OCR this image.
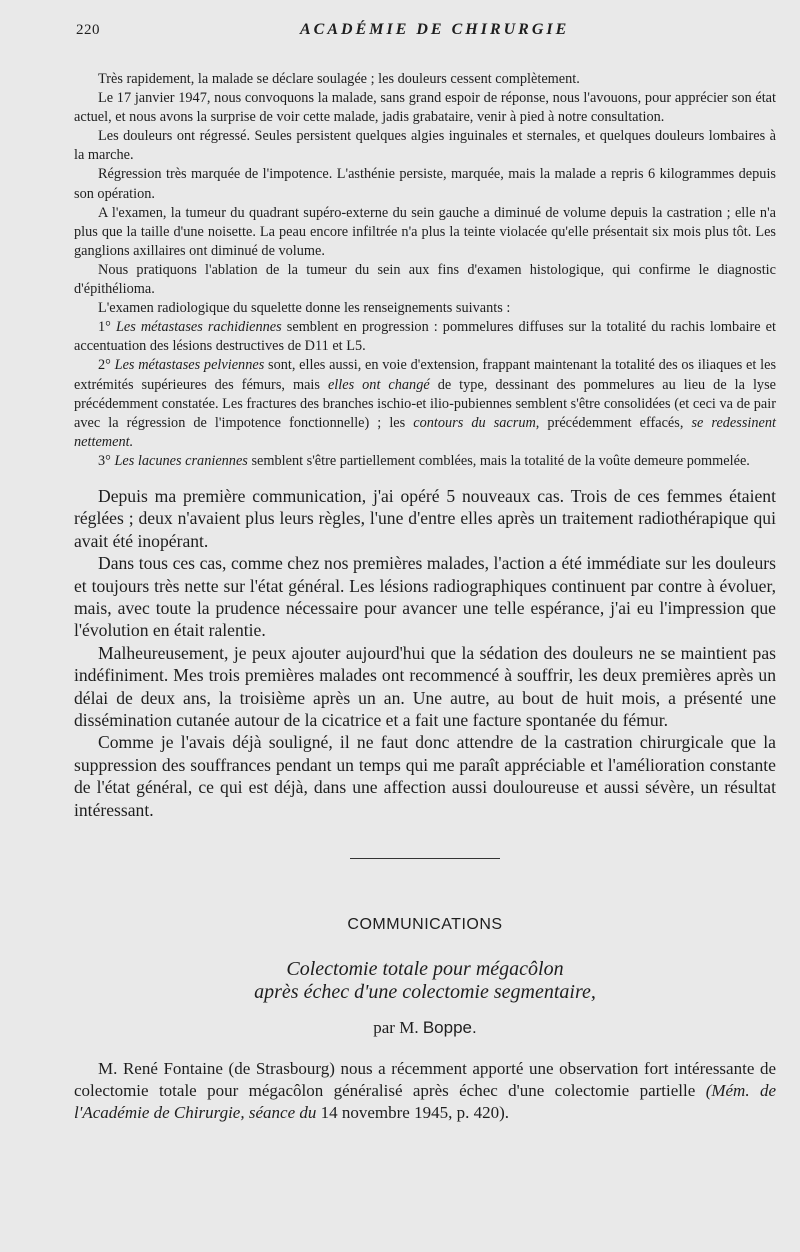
220	ACADÉMIE DE CHIRURGIE

Très rapidement, la malade se déclare soulagée ; les douleurs cessent complètement.

Le 17 janvier 1947, nous convoquons la malade, sans grand espoir de réponse, nous l'avouons, pour apprécier son état actuel, et nous avons la surprise de voir cette malade, jadis grabataire, venir à pied à notre consultation.

Les douleurs ont régressé. Seules persistent quelques algies inguinales et sternales, et quelques douleurs lombaires à la marche.

Régression très marquée de l'impotence. L'asthénie persiste, marquée, mais la malade a repris 6 kilogrammes depuis son opération.

A l'examen, la tumeur du quadrant supéro-externe du sein gauche a diminué de volume depuis la castration ; elle n'a plus que la taille d'une noisette. La peau encore infiltrée n'a plus la teinte violacée qu'elle présentait six mois plus tôt. Les ganglions axillaires ont diminué de volume.

Nous pratiquons l'ablation de la tumeur du sein aux fins d'examen histologique, qui confirme le diagnostic d'épithélioma.

L'examen radiologique du squelette donne les renseignements suivants :

1° Les métastases rachidiennes semblent en progression : pommelures diffuses sur la totalité du rachis lombaire et accentuation des lésions destructives de D11 et L5.

2° Les métastases pelviennes sont, elles aussi, en voie d'extension, frappant maintenant la totalité des os iliaques et les extrémités supérieures des fémurs, mais elles ont changé de type, dessinant des pommelures au lieu de la lyse précédemment constatée. Les fractures des branches ischio-et ilio-pubiennes semblent s'être consolidées (et ceci va de pair avec la régression de l'impotence fonctionnelle) ; les contours du sacrum, précédemment effacés, se redessinent nettement.

3° Les lacunes craniennes semblent s'être partiellement comblées, mais la totalité de la voûte demeure pommelée.

Depuis ma première communication, j'ai opéré 5 nouveaux cas. Trois de ces femmes étaient réglées ; deux n'avaient plus leurs règles, l'une d'entre elles après un traitement radiothérapique qui avait été inopérant.

Dans tous ces cas, comme chez nos premières malades, l'action a été immédiate sur les douleurs et toujours très nette sur l'état général. Les lésions radiographiques continuent par contre à évoluer, mais, avec toute la prudence nécessaire pour avancer une telle espérance, j'ai eu l'impression que l'évolution en était ralentie.

Malheureusement, je peux ajouter aujourd'hui que la sédation des douleurs ne se maintient pas indéfiniment. Mes trois premières malades ont recommencé à souffrir, les deux premières après un délai de deux ans, la troisième après un an. Une autre, au bout de huit mois, a présenté une dissémination cutanée autour de la cicatrice et a fait une facture spontanée du fémur.

Comme je l'avais déjà souligné, il ne faut donc attendre de la castration chirurgicale que la suppression des souffrances pendant un temps qui me paraît appréciable et l'amélioration constante de l'état général, ce qui est déjà, dans une affection aussi douloureuse et aussi sévère, un résultat intéressant.

COMMUNICATIONS
Colectomie totale pour mégacôlon
après échec d'une colectomie segmentaire,
par M. Boppe.

M. René Fontaine (de Strasbourg) nous a récemment apporté une observation fort intéressante de colectomie totale pour mégacôlon généralisé après échec d'une colectomie partielle (Mém. de l'Académie de Chirurgie, séance du 14 novembre 1945, p. 420).
